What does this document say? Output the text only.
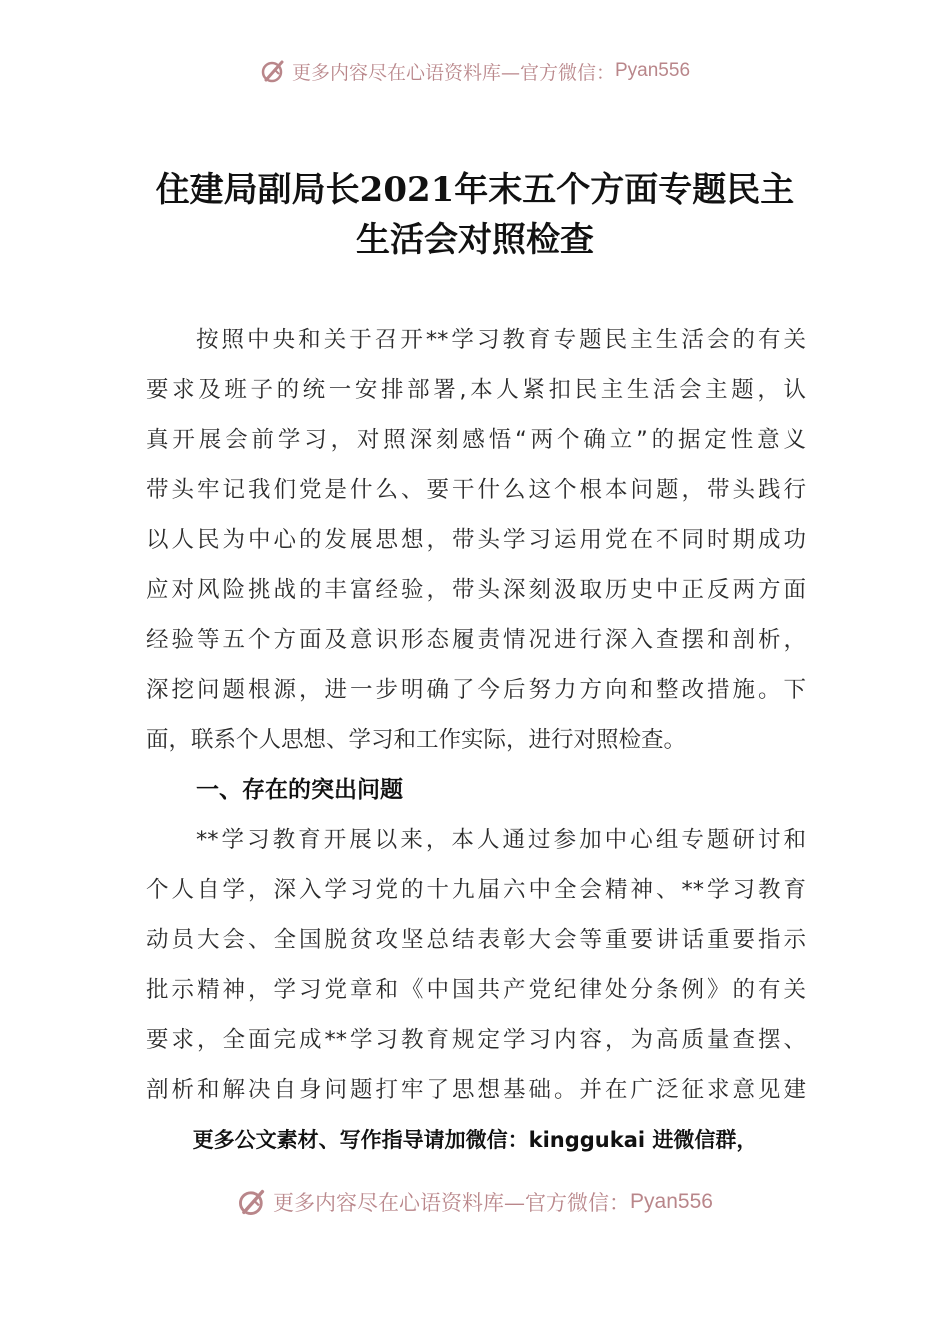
更多内容尽在心语资料库—官方微信： Pyan556
住建局副局长2021年末五个方面专题民主
生活会对照检查

按照中央和关于召开**学习教育专题民主生活会的有关

要求及班子的统一安排部署,本人紧扣民主生活会主题，认

真开展会前学习，对照深刻感悟“两个确立”的据定性意义

带头牢记我们党是什么、要干什么这个根本问题，带头践行

以人民为中心的发展思想，带头学习运用党在不同时期成功

应对风险挑战的丰富经验，带头深刻汲取历史中正反两方面

经验等五个方面及意识形态履责情况进行深入查摆和剖析，

深挖问题根源，进一步明确了今后努力方向和整改措施。下

面，联系个人思想、学习和工作实际，进行对照检查。

一、存在的突出问题

**学习教育开展以来，本人通过参加中心组专题研讨和

个人自学，深入学习党的十九届六中全会精神、**学习教育

动员大会、全国脱贫攻坚总结表彰大会等重要讲话重要指示

批示精神，学习党章和《中国共产党纪律处分条例》的有关

要求，全面完成**学习教育规定学习内容，为高质量查摆、

剖析和解决自身问题打牢了思想基础。并在广泛征求意见建

更多公文素材、写作指导请加微信：kinggukai 进微信群，

更多内容尽在心语资料库—官方微信： Pyan556
